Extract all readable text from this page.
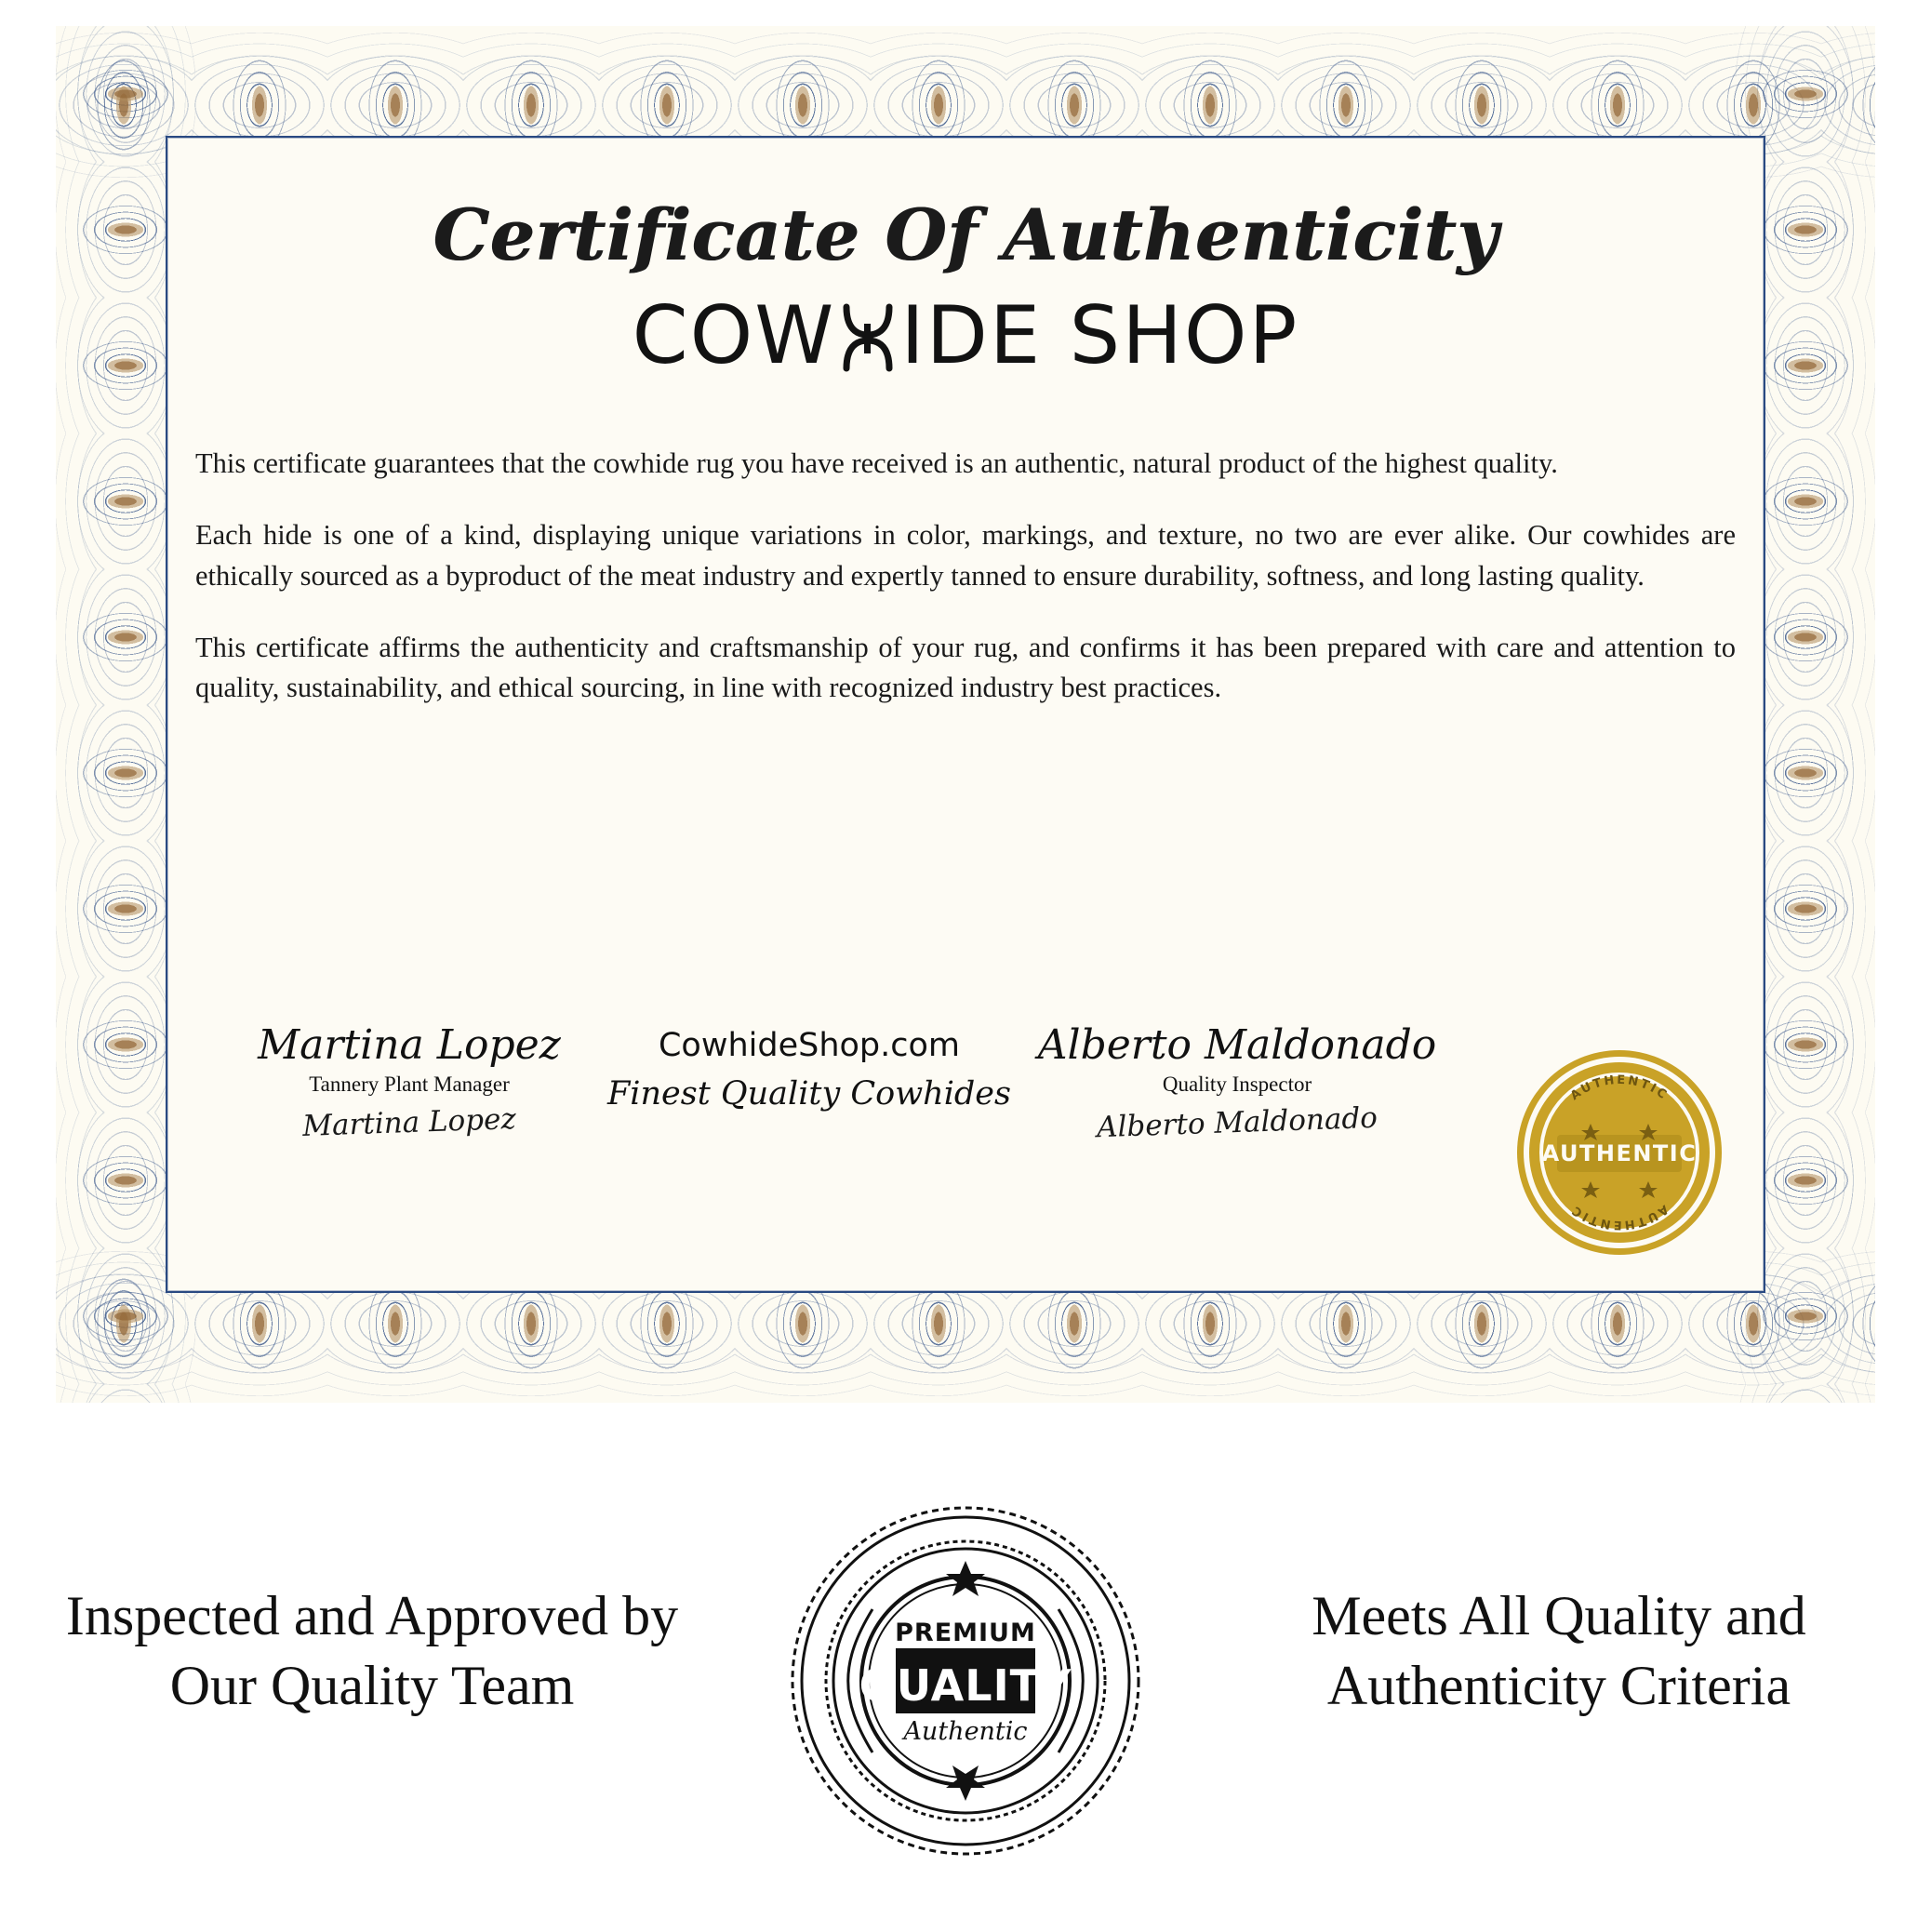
Certificate Of Authenticity
COW IDE SHOP

This certificate guarantees that the cowhide rug you have received is an authentic, natural product of the highest quality.

Each hide is one of a kind, displaying unique variations in color, markings, and texture, no two are ever alike. Our cowhides are ethically sourced as a byproduct of the meat industry and expertly tanned to ensure durability, softness, and long lasting quality.

This certificate affirms the authenticity and craftsmanship of your rug, and confirms it has been prepared with care and attention to quality, sustainability, and ethical sourcing, in line with recognized industry best practices.

Martina Lopez
Tannery Plant Manager
Martina Lopez
CowhideShop.com
Finest Quality Cowhides
Alberto Maldonado
Quality Inspector
Alberto Maldonado
AUTHENTIC
AUTHENTIC
AUTHENTIC
Inspected and Approved by Our Quality Team
PREMIUM
QUALITY
Authentic
Meets All Quality and Authenticity Criteria
